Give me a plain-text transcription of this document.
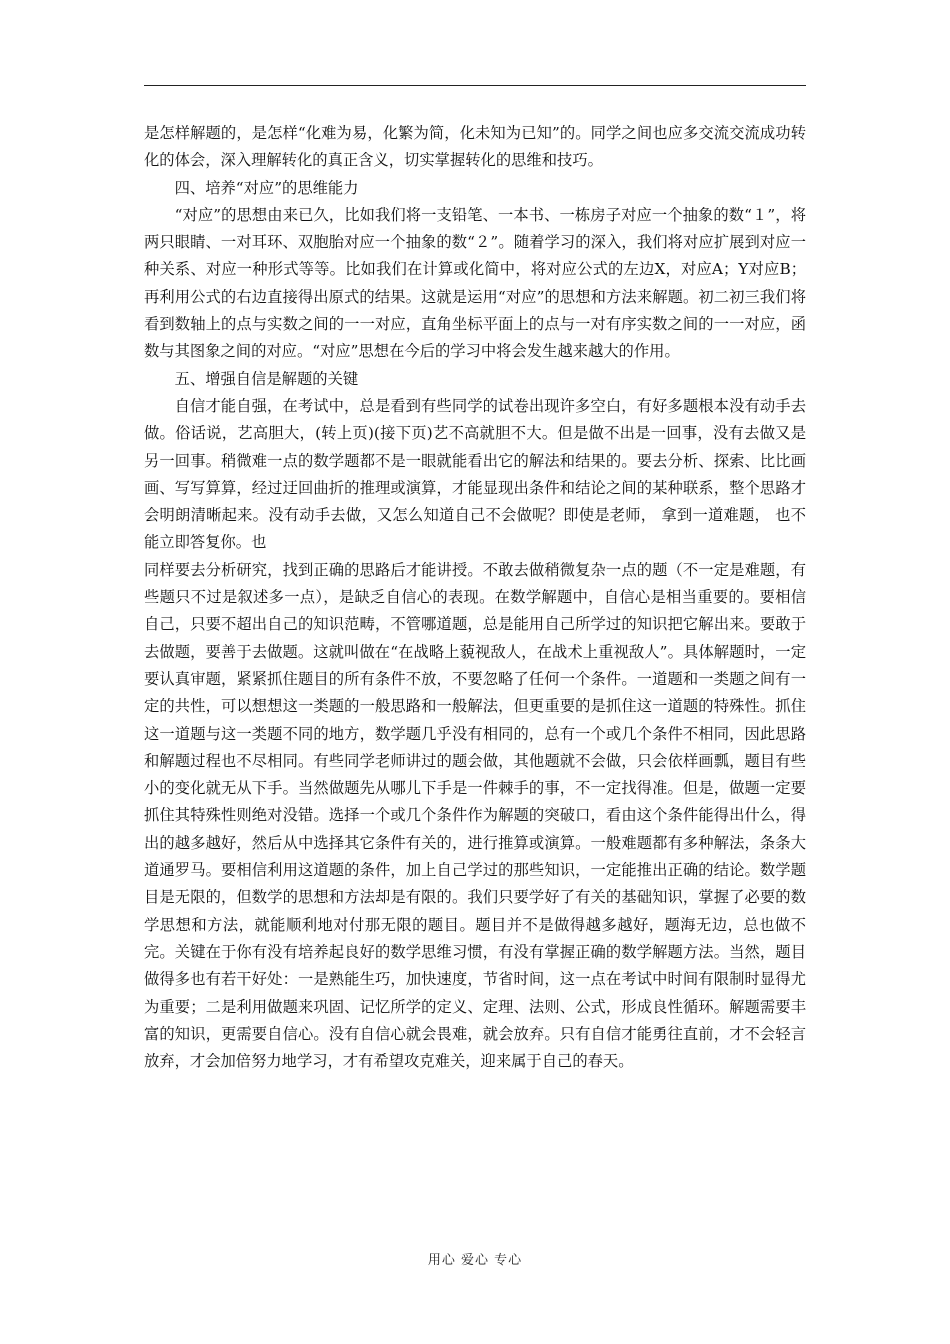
是怎样解题的，是怎样“化难为易，化繁为简，化未知为已知”的。同学之间也应多交流交流成功转化的体会，深入理解转化的真正含义，切实掌握转化的思维和技巧。

四、培养“对应”的思维能力

“对应”的思想由来已久，比如我们将一支铅笔、一本书、一栋房子对应一个抽象的数“１”，将两只眼睛、一对耳环、双胞胎对应一个抽象的数“２”。随着学习的深入，我们将对应扩展到对应一种关系、对应一种形式等等。比如我们在计算或化简中，将对应公式的左边X，对应A；Y对应B；再利用公式的右边直接得出原式的结果。这就是运用“对应”的思想和方法来解题。初二初三我们将看到数轴上的点与实数之间的一一对应，直角坐标平面上的点与一对有序实数之间的一一对应，函数与其图象之间的对应。“对应”思想在今后的学习中将会发生越来越大的作用。

五、增强自信是解题的关键

自信才能自强，在考试中，总是看到有些同学的试卷出现许多空白，有好多题根本没有动手去做。俗话说，艺高胆大，(转上页)(接下页)艺不高就胆不大。但是做不出是一回事，没有去做又是另一回事。稍微难一点的数学题都不是一眼就能看出它的解法和结果的。要去分析、探索、比比画画、写写算算，经过迂回曲折的推理或演算，才能显现出条件和结论之间的某种联系，整个思路才会明朗清晰起来。没有动手去做，又怎么知道自己不会做呢？即使是老师， 拿到一道难题， 也不能立即答复你。也

同样要去分析研究，找到正确的思路后才能讲授。不敢去做稍微复杂一点的题（不一定是难题，有些题只不过是叙述多一点），是缺乏自信心的表现。在数学解题中，自信心是相当重要的。要相信自己，只要不超出自己的知识范畴，不管哪道题，总是能用自己所学过的知识把它解出来。要敢于去做题，要善于去做题。这就叫做在“在战略上藐视敌人，在战术上重视敌人”。具体解题时，一定要认真审题，紧紧抓住题目的所有条件不放，不要忽略了任何一个条件。一道题和一类题之间有一定的共性，可以想想这一类题的一般思路和一般解法，但更重要的是抓住这一道题的特殊性。抓住这一道题与这一类题不同的地方，数学题几乎没有相同的，总有一个或几个条件不相同，因此思路和解题过程也不尽相同。有些同学老师讲过的题会做，其他题就不会做，只会依样画瓢，题目有些小的变化就无从下手。当然做题先从哪儿下手是一件棘手的事，不一定找得准。但是，做题一定要抓住其特殊性则绝对没错。选择一个或几个条件作为解题的突破口，看由这个条件能得出什么，得出的越多越好，然后从中选择其它条件有关的，进行推算或演算。一般难题都有多种解法，条条大道通罗马。要相信利用这道题的条件，加上自己学过的那些知识，一定能推出正确的结论。数学题目是无限的，但数学的思想和方法却是有限的。我们只要学好了有关的基础知识，掌握了必要的数学思想和方法，就能顺利地对付那无限的题目。题目并不是做得越多越好，题海无边，总也做不完。关键在于你有没有培养起良好的数学思维习惯，有没有掌握正确的数学解题方法。当然，题目做得多也有若干好处：一是熟能生巧，加快速度，节省时间，这一点在考试中时间有限制时显得尤为重要；二是利用做题来巩固、记忆所学的定义、定理、法则、公式，形成良性循环。解题需要丰富的知识，更需要自信心。没有自信心就会畏难，就会放弃。只有自信才能勇往直前，才不会轻言放弃，才会加倍努力地学习，才有希望攻克难关，迎来属于自己的春天。

用心 爱心 专心
